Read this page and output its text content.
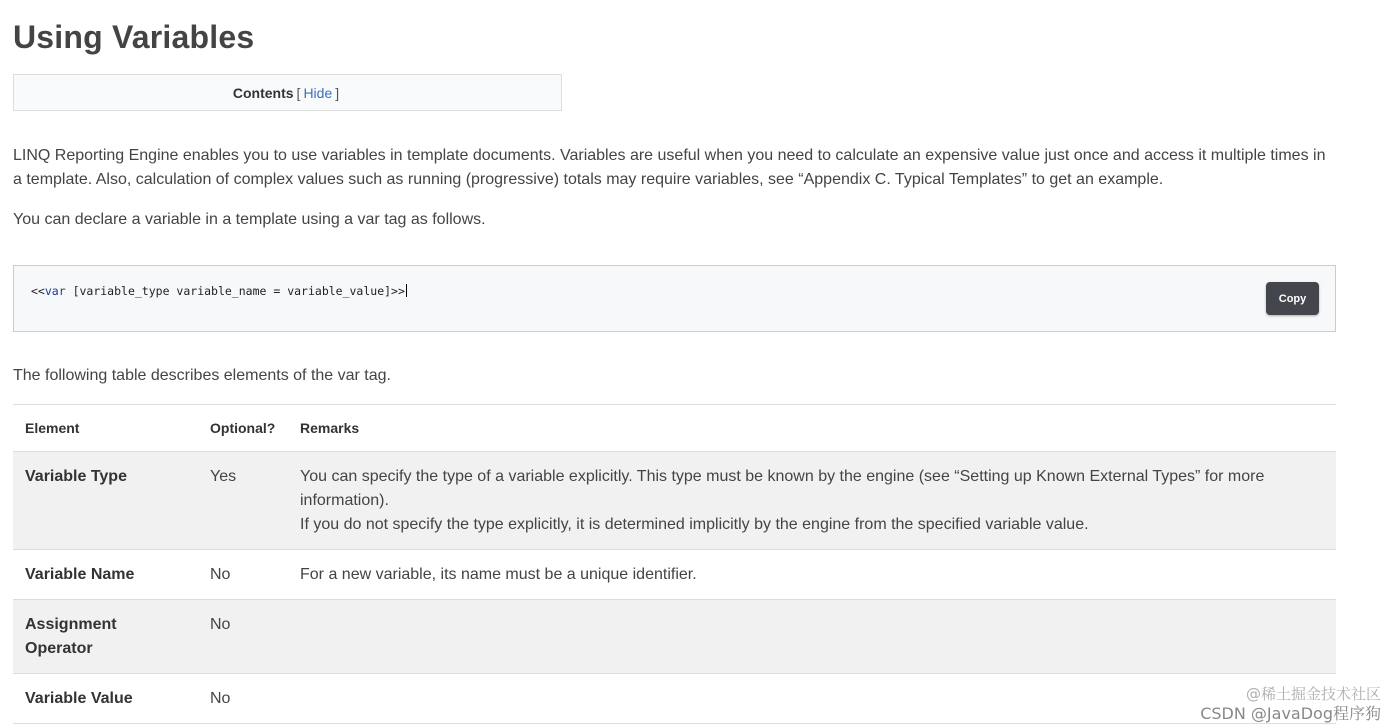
Using Variables
Contents [ Hide ]

LINQ Reporting Engine enables you to use variables in template documents. Variables are useful when you need to calculate an expensive value just once and access it multiple times in a template. Also, calculation of complex values such as running (progressive) totals may require variables, see “Appendix C. Typical Templates” to get an example.

You can declare a variable in a template using a var tag as follows.

<<var [variable_type variable_name = variable_value]>>
Copy

The following table describes elements of the var tag.

Element	Optional?	Remarks
Variable Type	Yes	You can specify the type of a variable explicitly. This type must be known by the engine (see “Setting up Known External Types” for more information).
If you do not specify the type explicitly, it is determined implicitly by the engine from the specified variable value.

Variable Name	No	For a new variable, its name must be a unique identifier.
Assignment Operator	No	
Variable Value	No		@稀土掘金技术社区
CSDN @JavaDog程序狗
